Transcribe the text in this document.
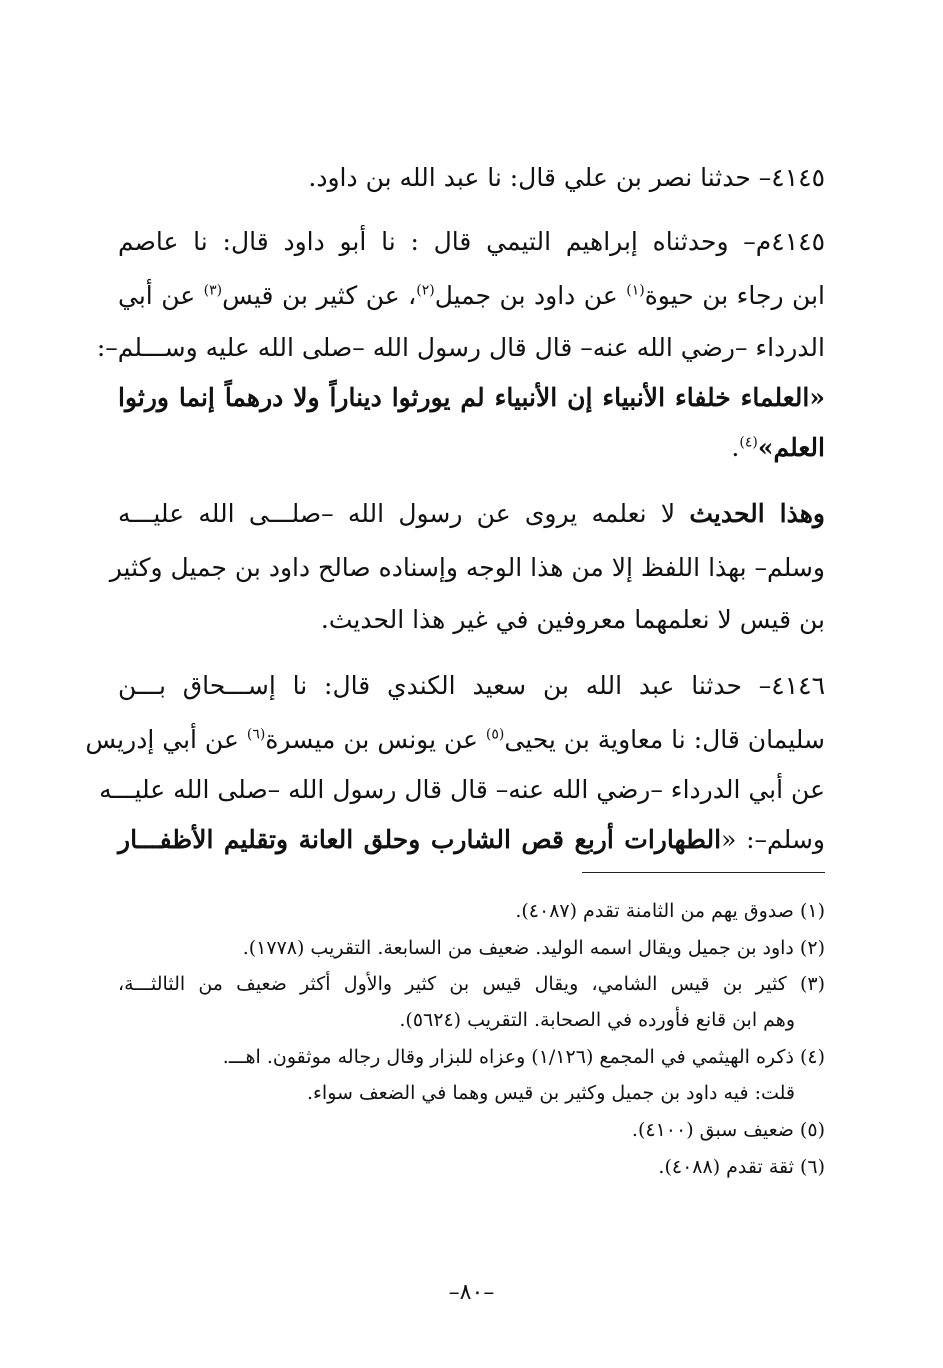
٤١٤٥– حدثنا نصر بن علي قال: نا عبد الله بن داود.

٤١٤٥م– وحدثناه إبراهيم التيمي قال : نا أبو داود قال: نا عاصم

ابن رجاء بن حيوة$^{(١)}$ عن داود بن جميل$^{(٢)}$، عن كثير بن قيس$^{(٣)}$ عن أبي

الدرداء –رضي الله عنه– قال قال رسول الله –صلى الله عليه وســـلم–:

«العلماء خلفاء الأنبياء إن الأنبياء لم يورثوا ديناراً ولا درهماً إنما ورثوا

العلم»$^{(٤)}$.

وهذا الحديث لا نعلمه يروى عن رسول الله –صلـــى الله عليـــه

وسلم– بهذا اللفظ إلا من هذا الوجه وإسناده صالح داود بن جميل وكثير

بن قيس لا نعلمهما معروفين في غير هذا الحديث.

٤١٤٦– حدثنا عبد الله بن سعيد الكندي قال: نا إســـحاق بـــن

سليمان قال: نا معاوية بن يحيى$^{(٥)}$ عن يونس بن ميسرة$^{(٦)}$ عن أبي إدريس

عن أبي الدرداء –رضي الله عنه– قال قال رسول الله –صلى الله عليـــه

وسلم–: «الطهارات أربع قص الشارب وحلق العانة وتقليم الأظفـــار

(١) صدوق يهم من الثامنة تقدم (٤٠٨٧).

(٢) داود بن جميل ويقال اسمه الوليد. ضعيف من السابعة. التقريب (١٧٧٨).

(٣) كثير بن قيس الشامي، ويقال قيس بن كثير والأول أكثر ضعيف من الثالثـــة،

وهم ابن قانع فأورده في الصحابة. التقريب (٥٦٢٤).

(٤) ذكره الهيثمي في المجمع (١/١٢٦) وعزاه للبزار وقال رجاله موثقون. اهـــ.

قلت: فيه داود بن جميل وكثير بن قيس وهما في الضعف سواء.

(٥) ضعيف سبق (٤١٠٠).

(٦) ثقة تقدم (٤٠٨٨).

–٨٠–
